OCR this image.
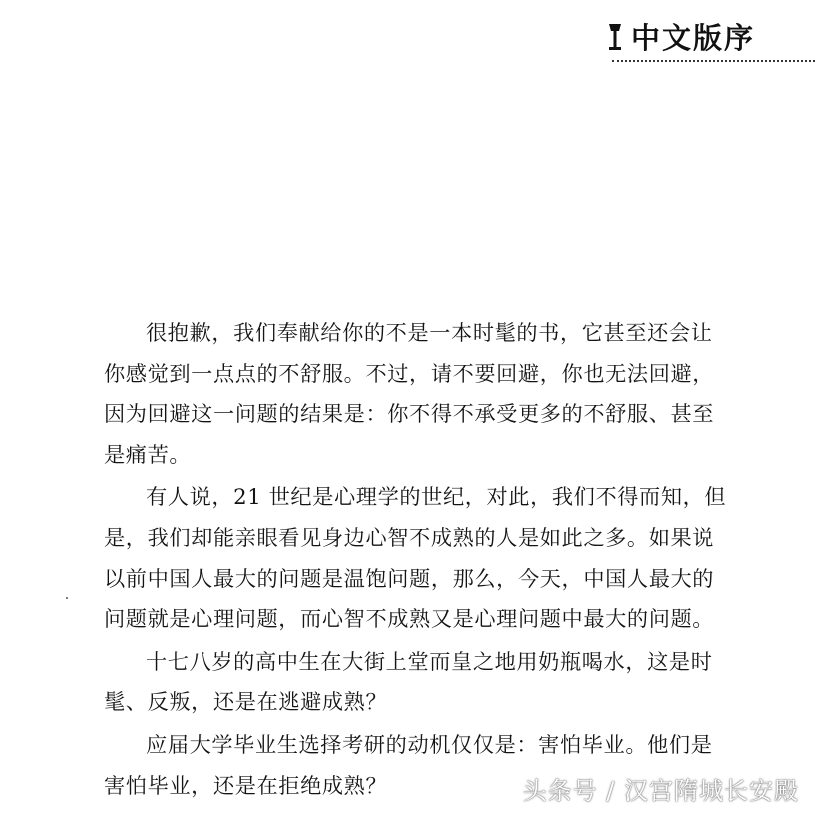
中文版序
很抱歉，我们奉献给你的不是一本时髦的书，它甚至还会让
你感觉到一点点的不舒服。不过，请不要回避，你也无法回避，
因为回避这一问题的结果是：你不得不承受更多的不舒服、甚至
是痛苦。
有人说，21 世纪是心理学的世纪，对此，我们不得而知，但
是，我们却能亲眼看见身边心智不成熟的人是如此之多。如果说
以前中国人最大的问题是温饱问题，那么，今天，中国人最大的
问题就是心理问题，而心智不成熟又是心理问题中最大的问题。
十七八岁的高中生在大街上堂而皇之地用奶瓶喝水，这是时
髦、反叛，还是在逃避成熟？
应届大学毕业生选择考研的动机仅仅是：害怕毕业。他们是
害怕毕业，还是在拒绝成熟？	头条号 / 汉宫隋城长安殿
